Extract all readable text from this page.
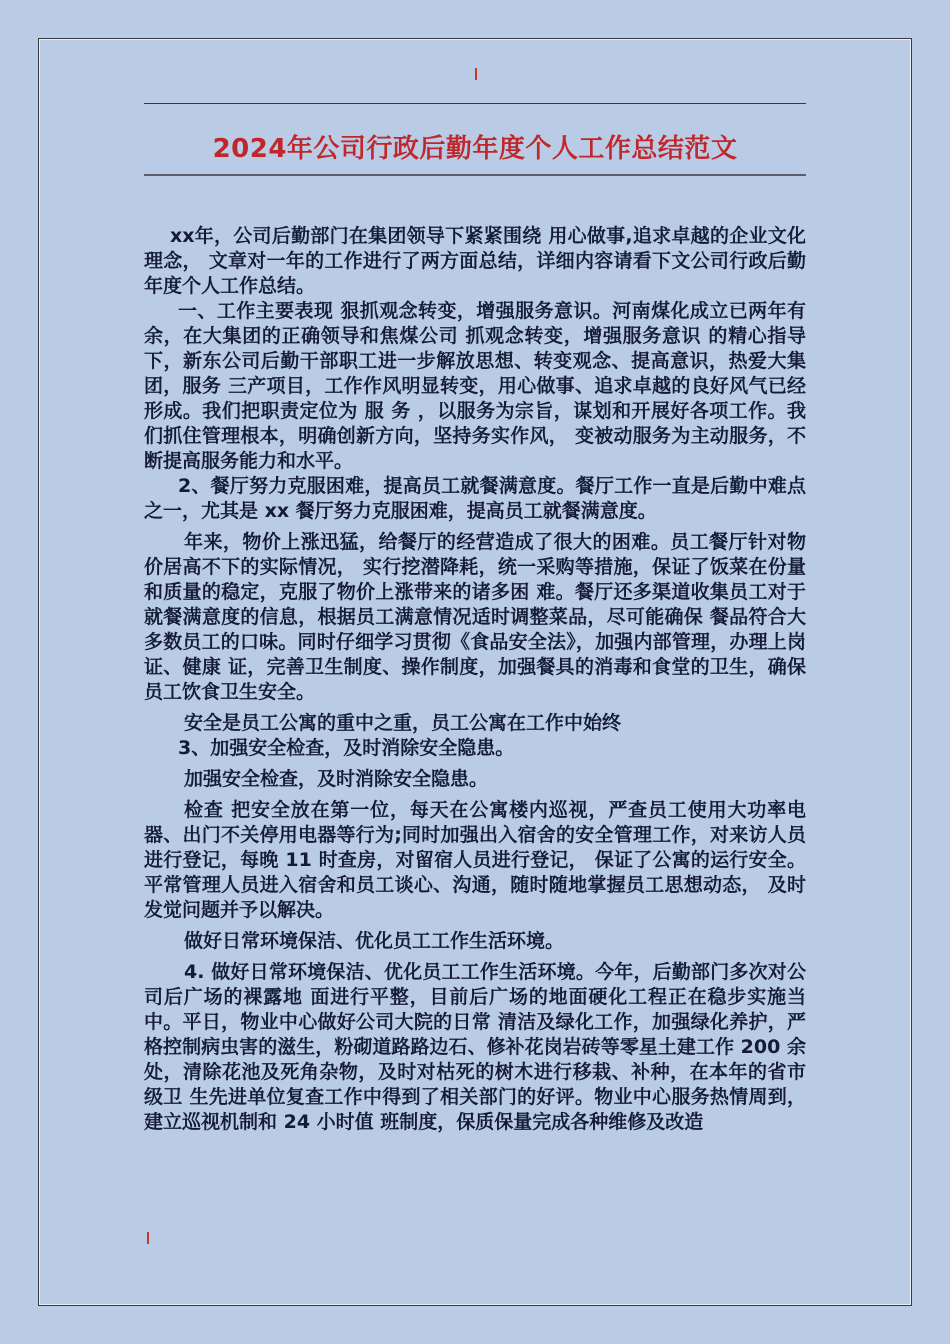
2024年公司行政后勤年度个人工作总结范文

xx年，公司后勤部门在集团领导下紧紧围绕 用心做事,追求卓越的企业文化理念， 文章对一年的工作进行了两方面总结，详细内容请看下文公司行政后勤年度个人工作总结。

一、工作主要表现 狠抓观念转变，增强服务意识。河南煤化成立已两年有余，在大集团的正确领导和焦煤公司 抓观念转变，增强服务意识 的精心指导下，新东公司后勤干部职工进一步解放思想、转变观念、提高意识，热爱大集团，服务 三产项目，工作作风明显转变，用心做事、追求卓越的良好风气已经形成。我们把职责定位为 服 务 ，以服务为宗旨，谋划和开展好各项工作。我们抓住管理根本，明确创新方向，坚持务实作风， 变被动服务为主动服务，不断提高服务能力和水平。

2、餐厅努力克服困难，提高员工就餐满意度。餐厅工作一直是后勤中难点之一，尤其是 xx 餐厅努力克服困难，提高员工就餐满意度。

年来，物价上涨迅猛，给餐厅的经营造成了很大的困难。员工餐厅针对物价居高不下的实际情况， 实行挖潜降耗，统一采购等措施，保证了饭菜在份量和质量的稳定，克服了物价上涨带来的诸多困 难。餐厅还多渠道收集员工对于就餐满意度的信息，根据员工满意情况适时调整菜品，尽可能确保 餐品符合大多数员工的口味。同时仔细学习贯彻《食品安全法》，加强内部管理，办理上岗证、健康 证，完善卫生制度、操作制度，加强餐具的消毒和食堂的卫生，确保员工饮食卫生安全。

安全是员工公寓的重中之重，员工公寓在工作中始终

3、加强安全检查，及时消除安全隐患。

加强安全检查，及时消除安全隐患。

检查 把安全放在第一位，每天在公寓楼内巡视，严查员工使用大功率电器、出门不关停用电器等行为;同时加强出入宿舍的安全管理工作，对来访人员进行登记，每晚 11 时查房，对留宿人员进行登记， 保证了公寓的运行安全。平常管理人员进入宿舍和员工谈心、沟通，随时随地掌握员工思想动态， 及时发觉问题并予以解决。

做好日常环境保洁、优化员工工作生活环境。

4. 做好日常环境保洁、优化员工工作生活环境。今年，后勤部门多次对公司后广场的裸露地 面进行平整，目前后广场的地面硬化工程正在稳步实施当中。平日，物业中心做好公司大院的日常 清洁及绿化工作，加强绿化养护，严格控制病虫害的滋生，粉砌道路路边石、修补花岗岩砖等零星土建工作 200 余处，清除花池及死角杂物，及时对枯死的树木进行移栽、补种，在本年的省市级卫 生先进单位复查工作中得到了相关部门的好评。物业中心服务热情周到，建立巡视机制和 24 小时值 班制度，保质保量完成各种维修及改造
